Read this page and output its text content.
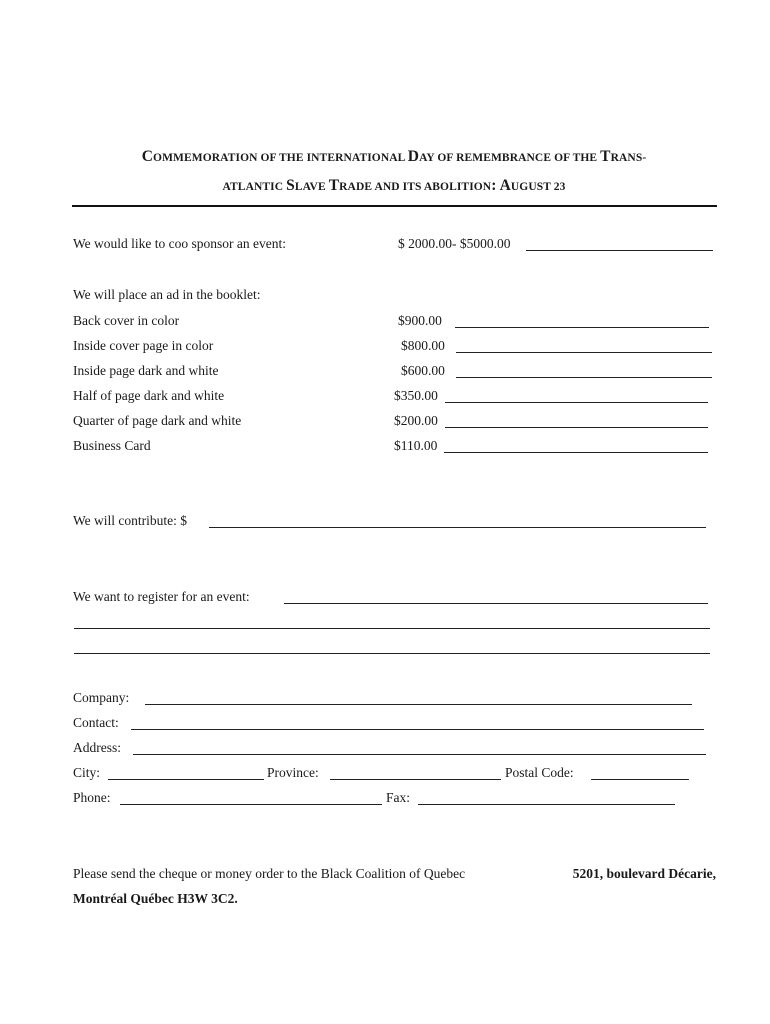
COMMEMORATION OF THE INTERNATIONAL DAY OF REMEMBRANCE OF THE TRANS-
ATLANTIC SLAVE TRADE AND ITS ABOLITION: AUGUST 23
We would like to coo sponsor an event:	$ 2000.00- $5000.00
We will place an ad in the booklet:
Back cover in color	$900.00
Inside cover page in color	$800.00
Inside page dark and white	$600.00
Half of page dark and white	$350.00
Quarter of page dark and white	$200.00
Business Card	$110.00
We will contribute: $
We want to register for an event:
Company:
Contact:
Address:
City:	Province:	Postal Code:
Phone:	Fax:
Please send the cheque or money order to the Black Coalition of Quebec	5201, boulevard Décarie,
Montréal Québec H3W 3C2.
